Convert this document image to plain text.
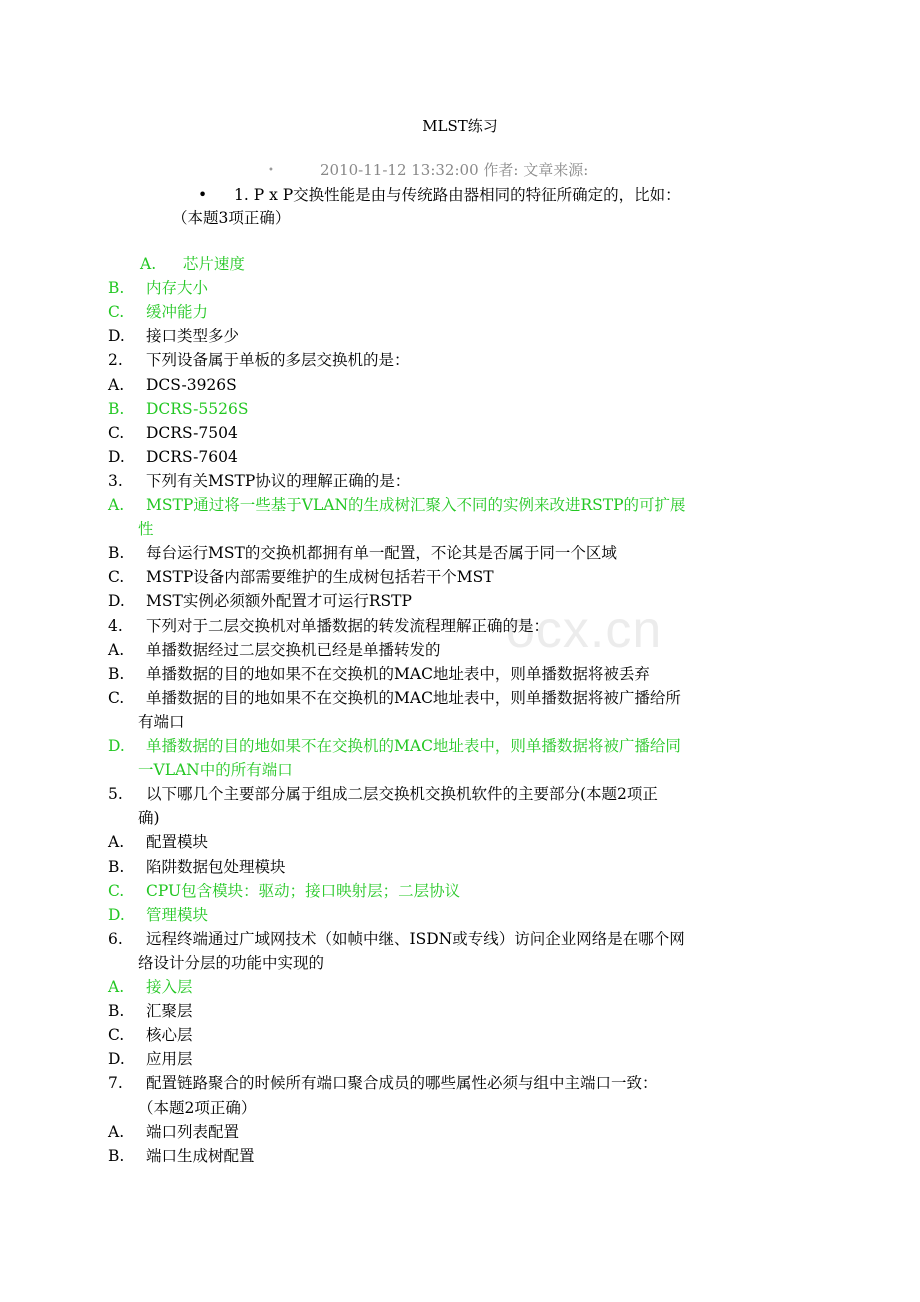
ocx.cn
MLST练习
•	2010-11-12 13:32:00 作者: 文章来源:
• 1. P x P交换性能是由与传统路由器相同的特征所确定的，比如：
（本题3项正确）
A. 芯片速度
B. 内存大小
C. 缓冲能力
D. 接口类型多少
2. 下列设备属于单板的多层交换机的是：
A. DCS-3926S
B. DCRS-5526S
C. DCRS-7504
D. DCRS-7604
3. 下列有关MSTP协议的理解正确的是：
A. MSTP通过将一些基于VLAN的生成树汇聚入不同的实例来改进RSTP的可扩展
性
B. 每台运行MST的交换机都拥有单一配置，不论其是否属于同一个区域
C. MSTP设备内部需要维护的生成树包括若干个MST
D. MST实例必须额外配置才可运行RSTP
4. 下列对于二层交换机对单播数据的转发流程理解正确的是：
A. 单播数据经过二层交换机已经是单播转发的
B. 单播数据的目的地如果不在交换机的MAC地址表中，则单播数据将被丢弃
C. 单播数据的目的地如果不在交换机的MAC地址表中，则单播数据将被广播给所
有端口
D. 单播数据的目的地如果不在交换机的MAC地址表中，则单播数据将被广播给同
一VLAN中的所有端口
5. 以下哪几个主要部分属于组成二层交换机交换机软件的主要部分(本题2项正
确)
A. 配置模块
B. 陷阱数据包处理模块
C. CPU包含模块：驱动；接口映射层；二层协议
D. 管理模块
6. 远程终端通过广域网技术（如帧中继、ISDN或专线）访问企业网络是在哪个网
络设计分层的功能中实现的
A. 接入层
B. 汇聚层
C. 核心层
D. 应用层
7. 配置链路聚合的时候所有端口聚合成员的哪些属性必须与组中主端口一致：
（本题2项正确）
A. 端口列表配置
B. 端口生成树配置
